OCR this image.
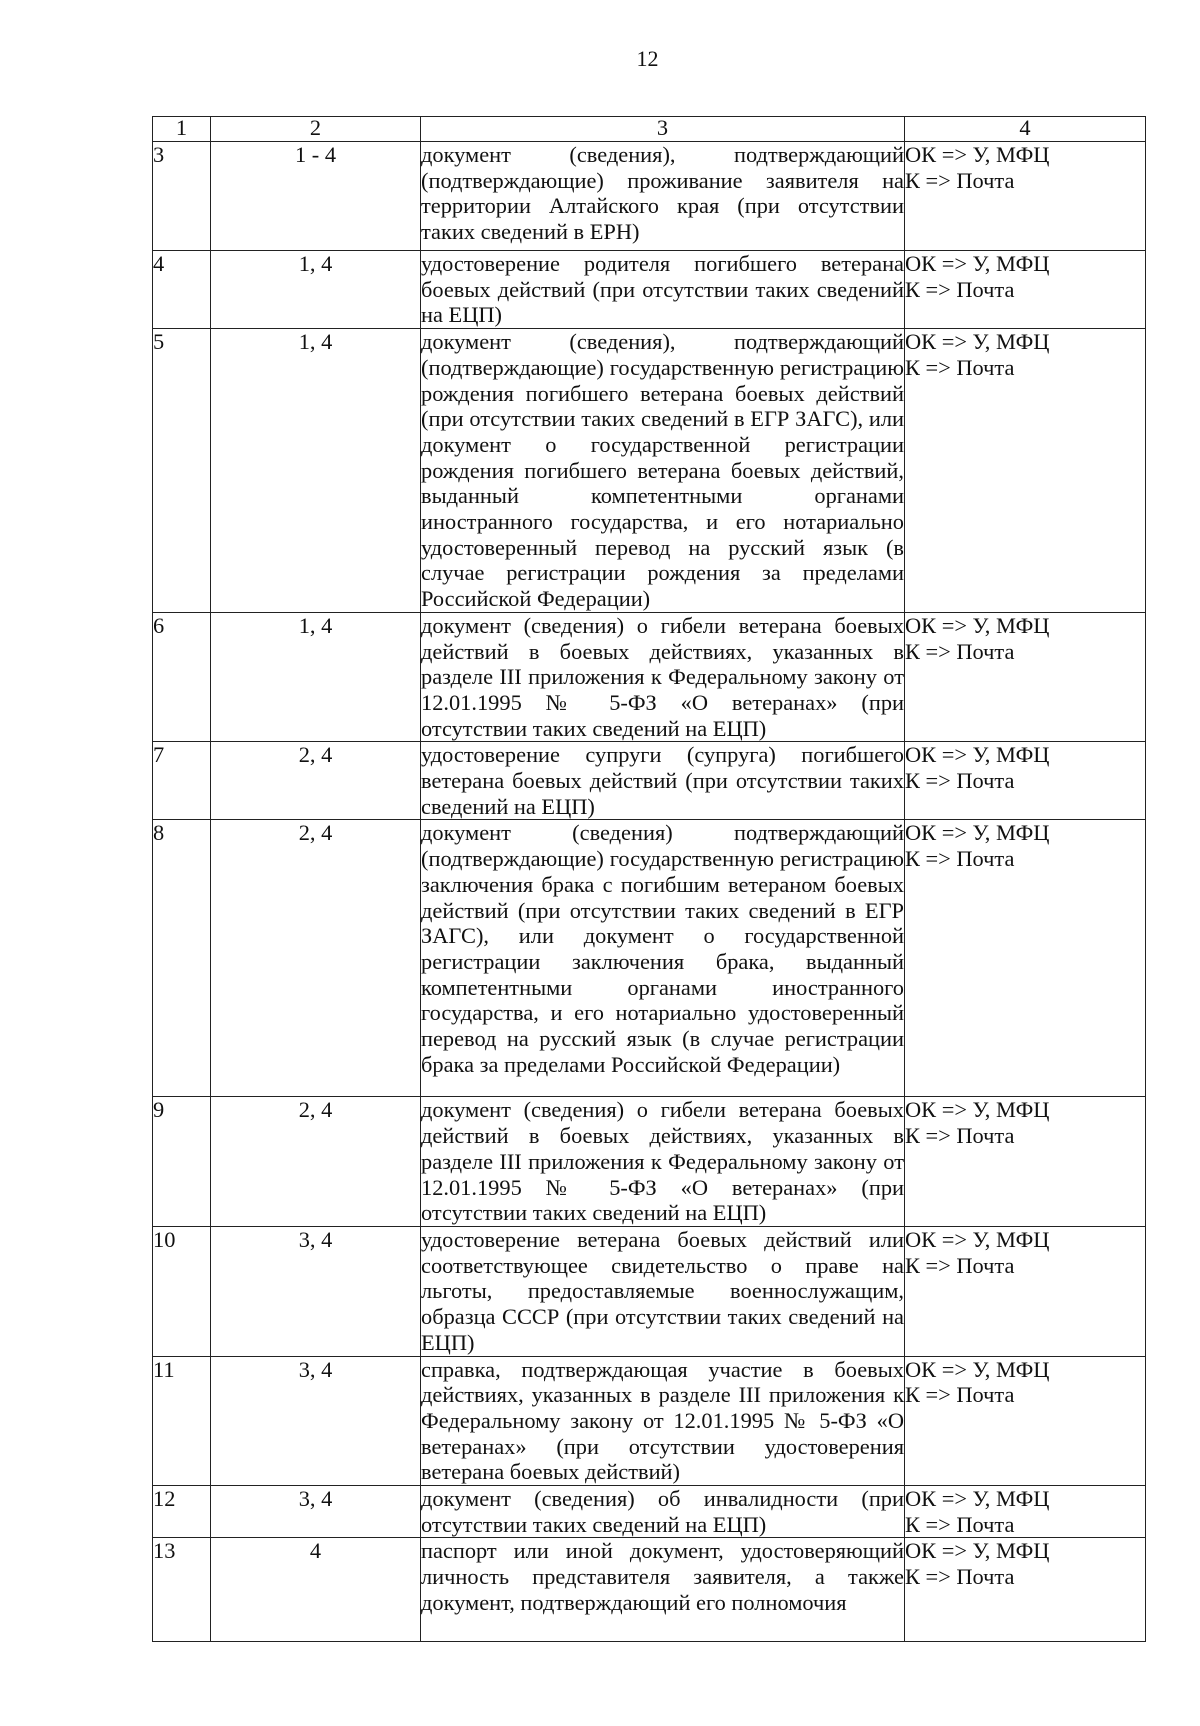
12
1	2	3	4
3	1 - 4	документ (сведения), подтверждающий (подтверждающие) проживание заявителя на территории Алтайского края (при отсутствии таких сведений в ЕРН)	ОК => У, МФЦ
К => Почта

4	1, 4	удостоверение родителя погибшего ветерана боевых действий (при отсутствии таких сведений на ЕЦП)	ОК => У, МФЦ
К => Почта

5	1, 4	документ (сведения), подтверждающий (подтверждающие) государственную регистрацию рождения погибшего ветерана боевых действий (при отсутствии таких сведений в ЕГР ЗАГС), или документ о государственной регистрации рождения погибшего ветерана боевых действий, выданный компетентными органами иностранного государства, и его нотариально удостоверенный перевод на русский язык (в случае регистрации рождения за пределами Российской Федерации)	ОК => У, МФЦ
К => Почта

6	1, 4	документ (сведения) о гибели ветерана боевых действий в боевых действиях, указанных в разделе III приложения к Федеральному закону от 12.01.1995 № 5-ФЗ «О ветеранах» (при отсутствии таких сведений на ЕЦП)	ОК => У, МФЦ
К => Почта

7	2, 4	удостоверение супруги (супруга) погибшего ветерана боевых действий (при отсутствии таких сведений на ЕЦП)	ОК => У, МФЦ
К => Почта

8	2, 4	документ (сведения) подтверждающий (подтверждающие) государственную регистрацию заключения брака с погибшим ветераном боевых действий (при отсутствии таких сведений в ЕГР ЗАГС), или документ о государственной регистрации заключения брака, выданный компетентными органами иностранного государства, и его нотариально удостоверенный перевод на русский язык (в случае регистрации брака за пределами Российской Федерации)	ОК => У, МФЦ
К => Почта

9	2, 4	документ (сведения) о гибели ветерана боевых действий в боевых действиях, указанных в разделе III приложения к Федеральному закону от 12.01.1995 № 5-ФЗ «О ветеранах» (при отсутствии таких сведений на ЕЦП)	ОК => У, МФЦ
К => Почта

10	3, 4	удостоверение ветерана боевых действий или соответствующее свидетельство о праве на льготы, предоставляемые военнослужащим, образца СССР (при отсутствии таких сведений на ЕЦП)	ОК => У, МФЦ
К => Почта

11	3, 4	справка, подтверждающая участие в боевых действиях, указанных в разделе III приложения к Федеральному закону от 12.01.1995 № 5-ФЗ «О ветеранах» (при отсутствии удостоверения ветерана боевых действий)	ОК => У, МФЦ
К => Почта

12	3, 4	документ (сведения) об инвалидности (при отсутствии таких сведений на ЕЦП)	ОК => У, МФЦ
К => Почта

13	4	паспорт или иной документ, удостоверяющий личность представителя заявителя, а также документ, подтверждающий его полномочия	ОК => У, МФЦ
К => Почта
